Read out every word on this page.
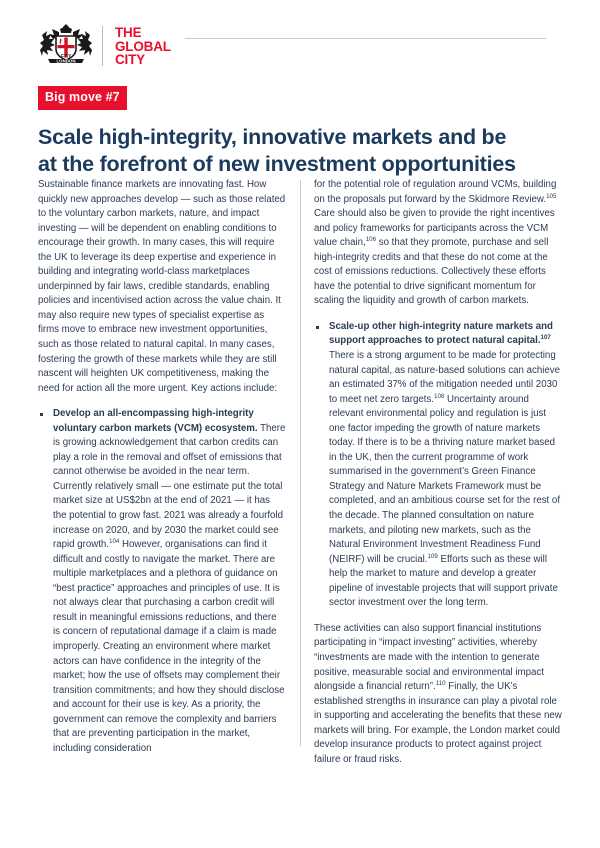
CITY
LONDON
THE
GLOBAL
CITY
Big move #7
Scale high-integrity, innovative markets and be
at the forefront of new investment opportunities

Sustainable finance markets are innovating fast. How quickly new approaches develop — such as those related to the voluntary carbon markets, nature, and impact investing — will be dependent on enabling conditions to encourage their growth. In many cases, this will require the UK to leverage its deep expertise and experience in building and integrating world-class marketplaces underpinned by fair laws, credible standards, enabling policies and incentivised action across the value chain. It may also require new types of specialist expertise as firms move to embrace new investment opportunities, such as those related to natural capital. In many cases, fostering the growth of these markets while they are still nascent will heighten UK competitiveness, making the need for action all the more urgent. Key actions include:

Develop an all-encompassing high-integrity voluntary carbon markets (VCM) ecosystem. There is growing acknowledgement that carbon credits can play a role in the removal and offset of emissions that cannot otherwise be avoided in the near term. Currently relatively small — one estimate put the total market size at US$2bn at the end of 2021 — it has the potential to grow fast. 2021 was already a fourfold increase on 2020, and by 2030 the market could see rapid growth.$^{104}$ However, organisations can find it difficult and costly to navigate the market. There are multiple marketplaces and a plethora of guidance on “best practice” approaches and principles of use. It is not always clear that purchasing a carbon credit will result in meaningful emissions reductions, and there is concern of reputational damage if a claim is made improperly. Creating an environment where market actors can have confidence in the integrity of the market; how the use of offsets may complement their transition commitments; and how they should disclose and account for their use is key. As a priority, the government can remove the complexity and barriers that are preventing participation in the market, including consideration

for the potential role of regulation around VCMs, building on the proposals put forward by the Skidmore Review.$^{105}$ Care should also be given to provide the right incentives and policy frameworks for participants across the VCM value chain,$^{106}$ so that they promote, purchase and sell high-integrity credits and that these do not come at the cost of emissions reductions. Collectively these efforts have the potential to drive significant momentum for scaling the liquidity and growth of carbon markets.

Scale-up other high-integrity nature markets and support approaches to protect natural capital.$^{107}$ There is a strong argument to be made for protecting natural capital, as nature-based solutions can achieve an estimated 37% of the mitigation needed until 2030 to meet net zero targets.$^{108}$ Uncertainty around relevant environmental policy and regulation is just one factor impeding the growth of nature markets today. If there is to be a thriving nature market based in the UK, then the current programme of work summarised in the government’s Green Finance Strategy and Nature Markets Framework must be completed, and an ambitious course set for the rest of the decade. The planned consultation on nature markets, and piloting new markets, such as the Natural Environment Investment Readiness Fund (NEIRF) will be crucial.$^{109}$ Efforts such as these will help the market to mature and develop a greater pipeline of investable projects that will support private sector investment over the long term.

These activities can also support financial institutions participating in “impact investing” activities, whereby “investments are made with the intention to generate positive, measurable social and environmental impact alongside a financial return”.$^{110}$ Finally, the UK’s established strengths in insurance can play a pivotal role in supporting and accelerating the benefits that these new markets will bring. For example, the London market could develop insurance products to protect against project failure or fraud risks.
